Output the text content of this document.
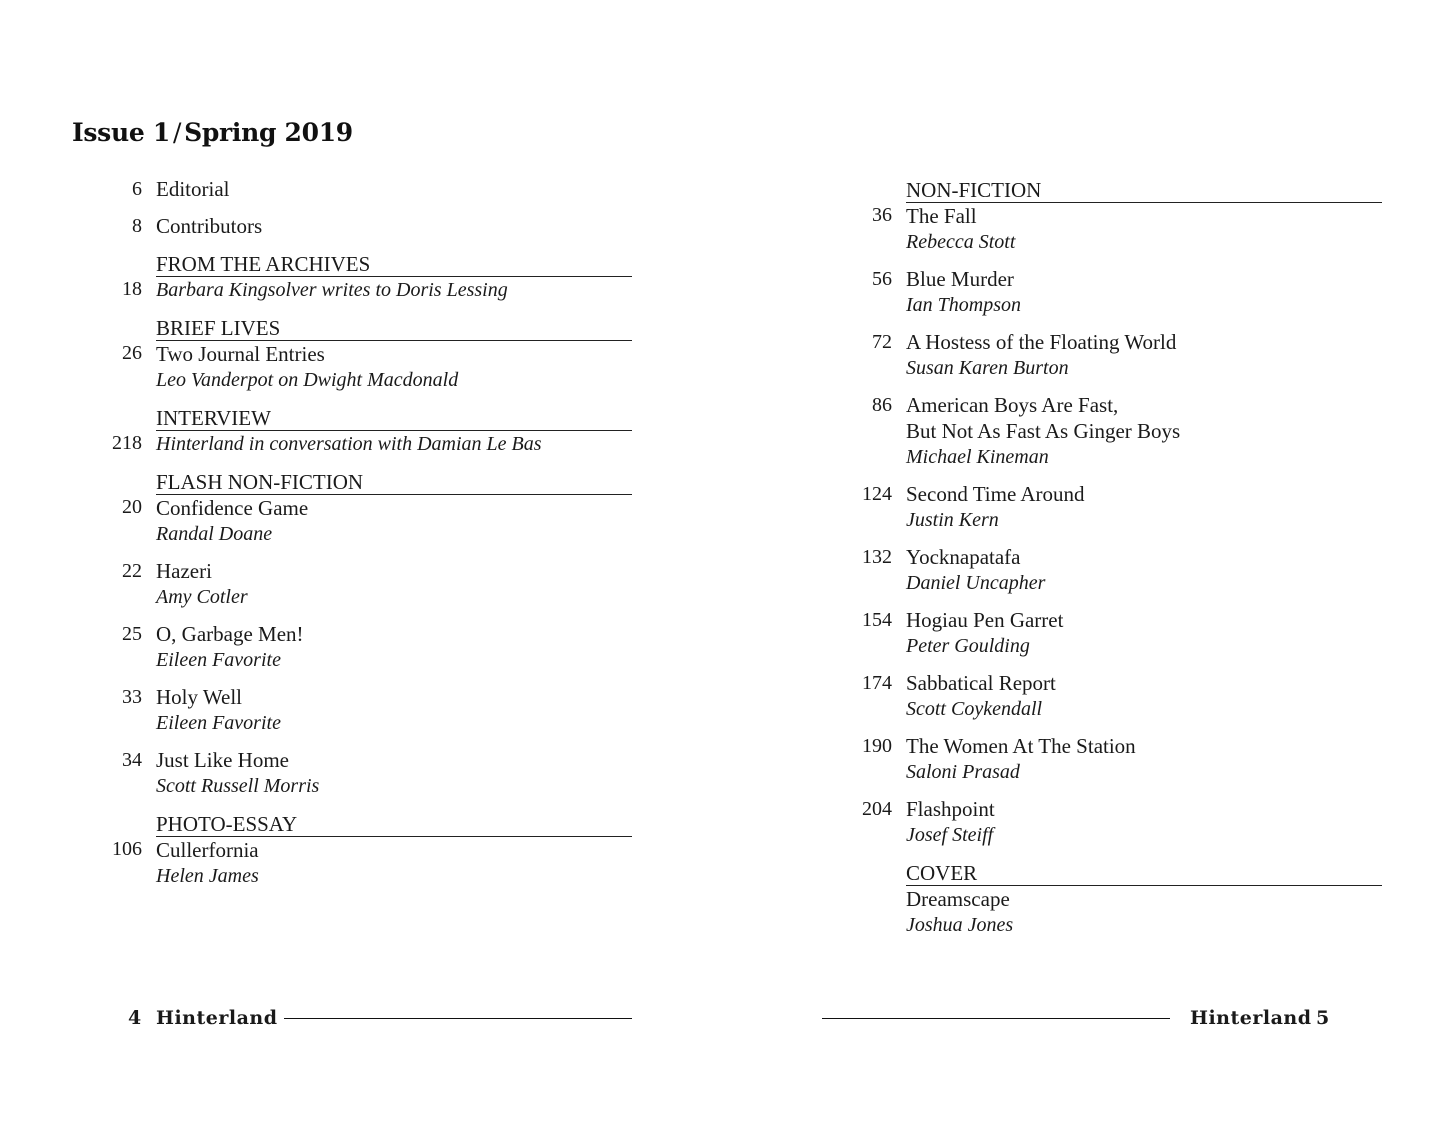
Issue 1 / Spring 2019
6 Editorial
8 Contributors
18
FROM THE ARCHIVES
Barbara Kingsolver writes to Doris Lessing
26
BRIEF LIVES
Two Journal Entries
Leo Vanderpot on Dwight Macdonald
218
INTERVIEW
Hinterland in conversation with Damian Le Bas
20
FLASH NON-FICTION
Confidence Game
Randal Doane
22 Hazeri
Amy Cotler
25 O, Garbage Men!
Eileen Favorite
33 Holy Well
Eileen Favorite
34 Just Like Home
Scott Russell Morris
106
PHOTO-ESSAY
Cullerfornia
Helen James
36
NON-FICTION
The Fall
Rebecca Stott
56 Blue Murder
Ian Thompson
72 A Hostess of the Floating World
Susan Karen Burton
86 American Boys Are Fast,
But Not As Fast As Ginger Boys
Michael Kineman
124 Second Time Around
Justin Kern
132 Yocknapatafa
Daniel Uncapher
154 Hogiau Pen Garret
Peter Goulding
174 Sabbatical Report
Scott Coykendall
190 The Women At The Station
Saloni Prasad
204 Flashpoint
Josef Steiff
COVER
Dreamscape
Joshua Jones
4 Hinterland	Hinterland 5
